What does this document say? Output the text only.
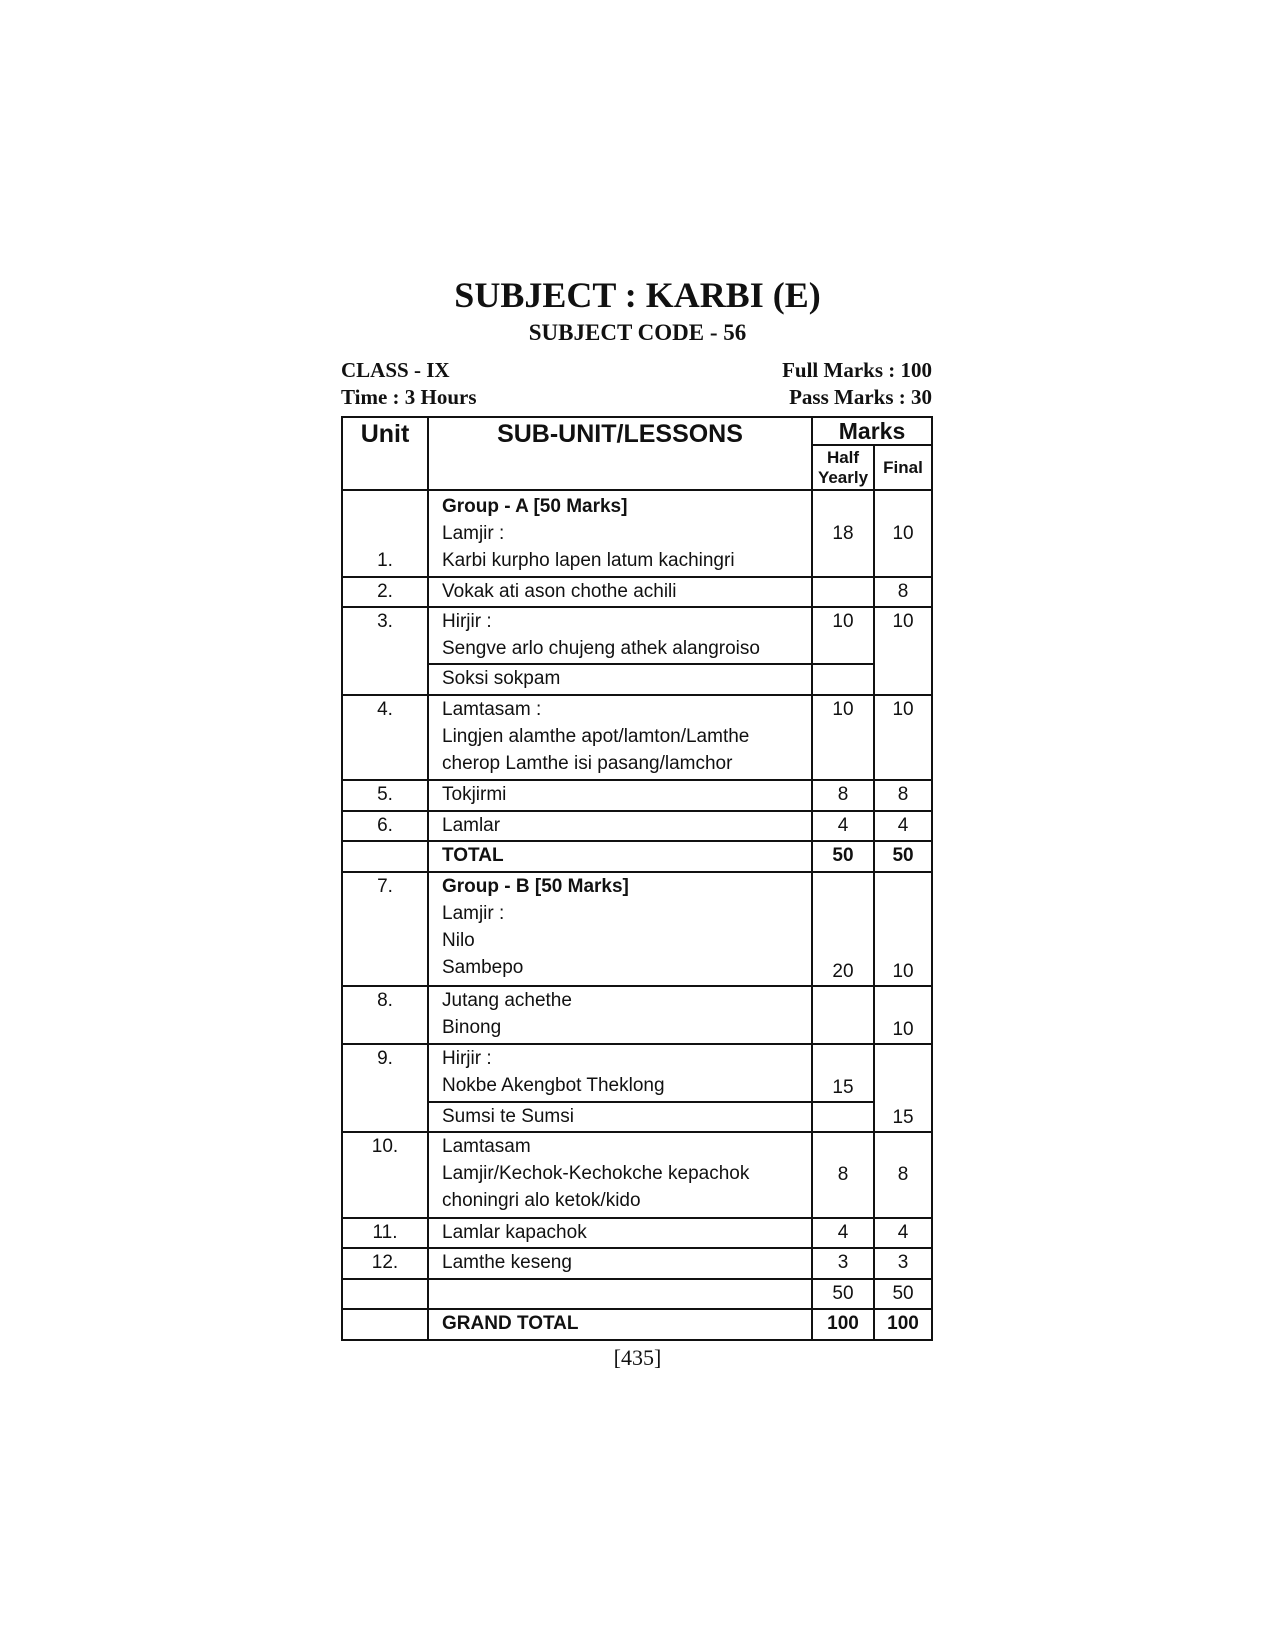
SUBJECT : KARBI (E)
SUBJECT CODE - 56
CLASS - IX
Time : 3 Hours
Full Marks : 100
Pass Marks : 30
Unit	SUB-UNIT/LESSONS	Marks	

		Half Yearly	Final
1.	Group - A [50 Marks]
Lamjir :
Karbi kurpho lapen latum kachingri	18	10
2.	Vokak ati ason chothe achili		8
3.	Hirjir :
Sengve arlo chujeng athek alangroiso	10	10
	Soksi sokpam		
4.	Lamtasam :
Lingjen alamthe apot/lamton/Lamthe
cherop Lamthe isi pasang/lamchor	10	10
5.	Tokjirmi	8	8
6.	Lamlar	4	4
	TOTAL	50	50
7.	Group - B [50 Marks]
Lamjir :
Nilo
Sambepo	20	10
8.	Jutang achethe
Binong		10
9.	Hirjir :
Nokbe Akengbot Theklong	15	15
	Sumsi te Sumsi		
10.	Lamtasam
Lamjir/Kechok-Kechokche kepachok
choningri alo ketok/kido	8	8
11.	Lamlar kapachok	4	4
12.	Lamthe keseng	3	3
		50	50
	GRAND TOTAL	100	100
[435]
